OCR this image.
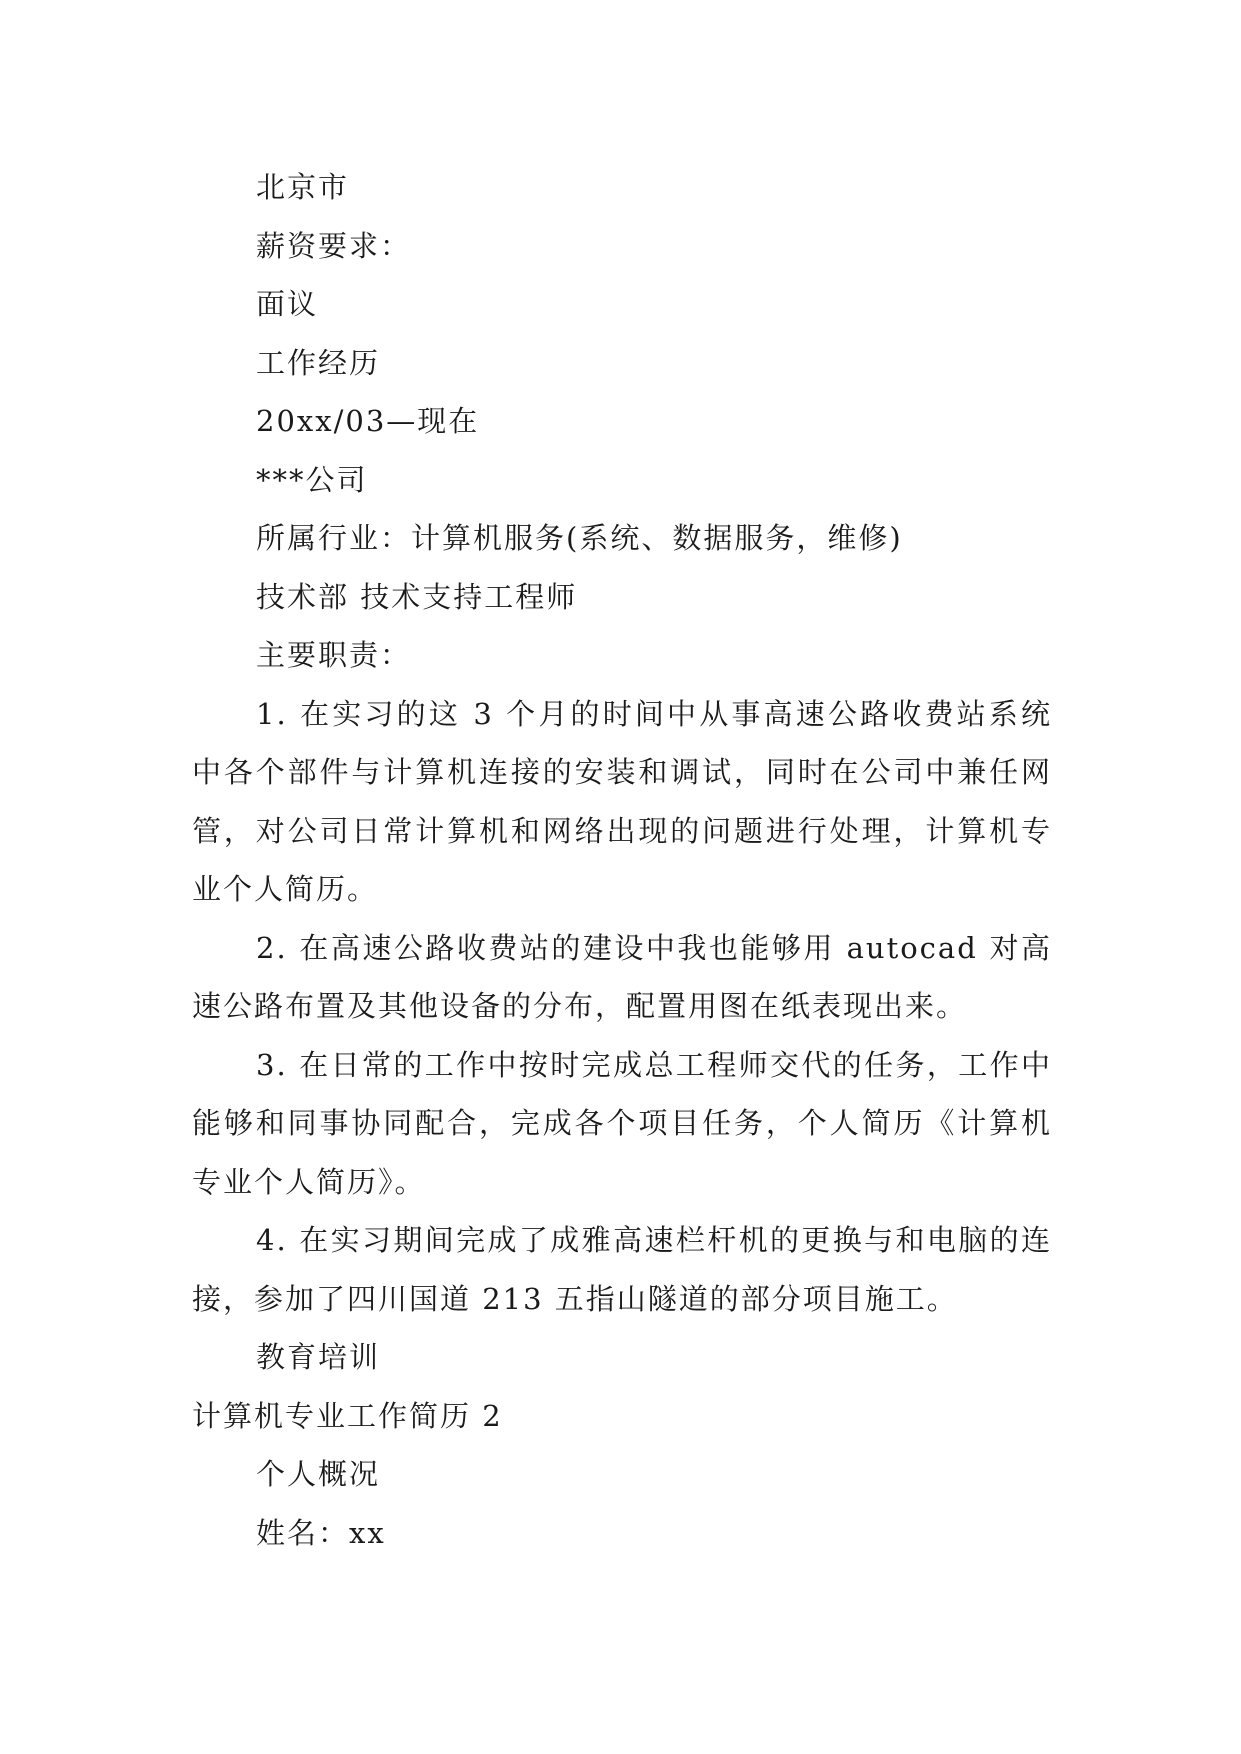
北京市
薪资要求：
面议
工作经历
20xx/03—现在
***公司
所属行业：计算机服务(系统、数据服务，维修)
技术部 技术支持工程师
主要职责：

1. 在实习的这 3 个月的时间中从事高速公路收费站系统中各个部件与计算机连接的安装和调试，同时在公司中兼任网管，对公司日常计算机和网络出现的问题进行处理，计算机专业个人简历。

2. 在高速公路收费站的建设中我也能够用 autocad 对高速公路布置及其他设备的分布，配置用图在纸表现出来。

3. 在日常的工作中按时完成总工程师交代的任务，工作中能够和同事协同配合，完成各个项目任务，个人简历《计算机专业个人简历》。

4. 在实习期间完成了成雅高速栏杆机的更换与和电脑的连接，参加了四川国道 213 五指山隧道的部分项目施工。

教育培训
计算机专业工作简历 2
个人概况
姓名：xx
